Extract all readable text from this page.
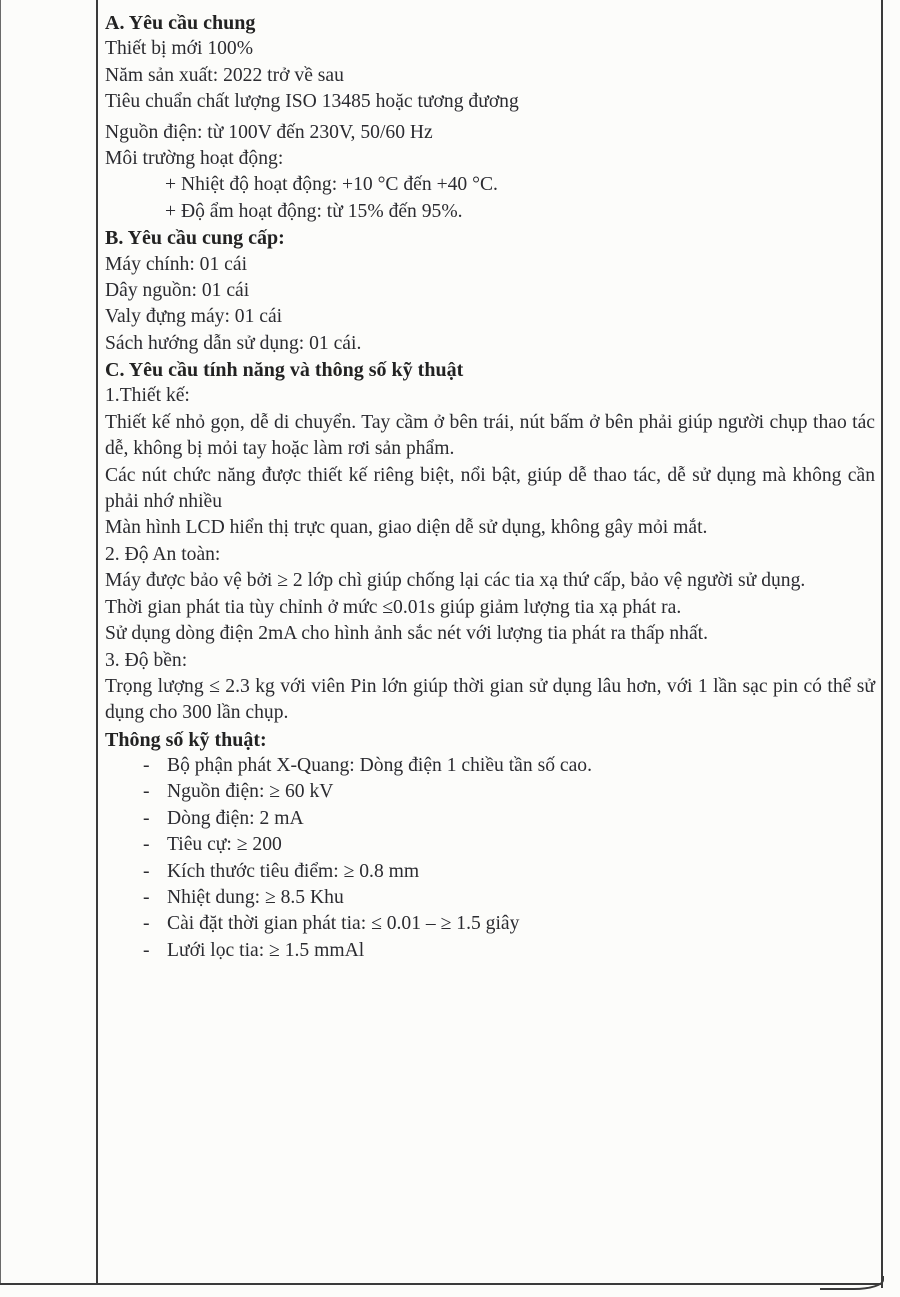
A. Yêu cầu chung
Thiết bị mới 100%
Năm sản xuất: 2022 trở về sau
Tiêu chuẩn chất lượng ISO 13485 hoặc tương đương
Nguồn điện: từ 100V đến 230V, 50/60 Hz
Môi trường hoạt động:
+ Nhiệt độ hoạt động: +10 °C đến +40 °C.
+ Độ ẩm hoạt động: từ 15% đến 95%.
B. Yêu cầu cung cấp:
Máy chính: 01 cái
Dây nguồn: 01 cái
Valy đựng máy: 01 cái
Sách hướng dẫn sử dụng: 01 cái.
C. Yêu cầu tính năng và thông số kỹ thuật
1.Thiết kế:

Thiết kế nhỏ gọn, dễ di chuyển. Tay cầm ở bên trái, nút bấm ở bên phải giúp người chụp thao tác dễ, không bị mỏi tay hoặc làm rơi sản phẩm.

Các nút chức năng được thiết kế riêng biệt, nổi bật, giúp dễ thao tác, dễ sử dụng mà không cần phải nhớ nhiều

Màn hình LCD hiển thị trực quan, giao diện dễ sử dụng, không gây mỏi mắt.

2. Độ An toàn:

Máy được bảo vệ bởi ≥ 2 lớp chì giúp chống lại các tia xạ thứ cấp, bảo vệ người sử dụng.

Thời gian phát tia tùy chỉnh ở mức ≤0.01s giúp giảm lượng tia xạ phát ra.

Sử dụng dòng điện 2mA cho hình ảnh sắc nét với lượng tia phát ra thấp nhất.

3. Độ bền:

Trọng lượng ≤ 2.3 kg với viên Pin lớn giúp thời gian sử dụng lâu hơn, với 1 lần sạc pin có thể sử dụng cho 300 lần chụp.

Thông số kỹ thuật:
- Bộ phận phát X-Quang: Dòng điện 1 chiều tần số cao.
- Nguồn điện: ≥ 60 kV
- Dòng điện: 2 mA
- Tiêu cự: ≥ 200
- Kích thước tiêu điểm: ≥ 0.8 mm
- Nhiệt dung: ≥ 8.5 Khu
- Cài đặt thời gian phát tia: ≤ 0.01 – ≥ 1.5 giây
- Lưới lọc tia: ≥ 1.5 mmAl
